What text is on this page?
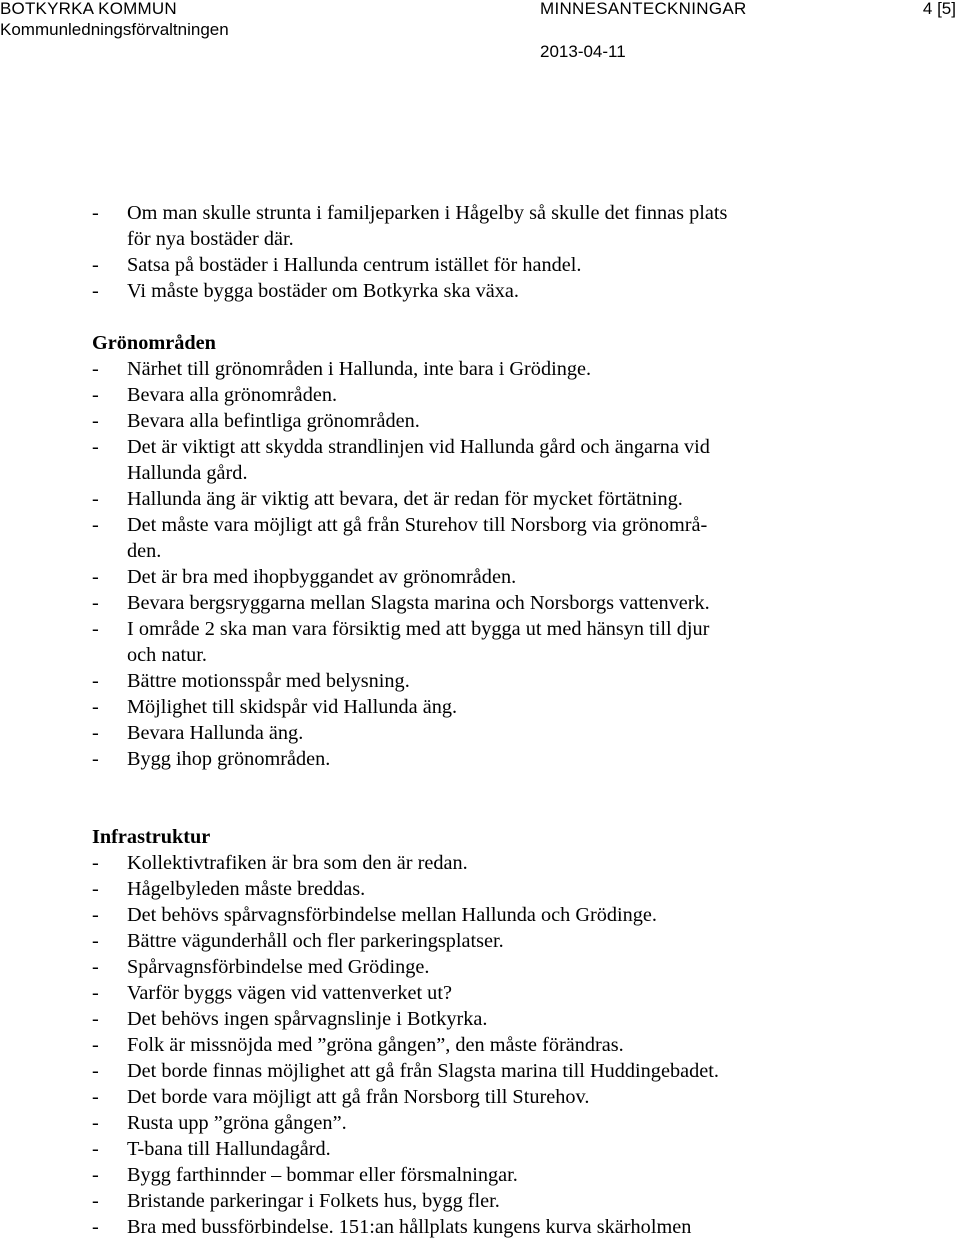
BOTKYRKA KOMMUN
Kommunledningsförvaltningen
MINNESANTECKNINGAR	4 [5]
2013-04-11
- Om man skulle strunta i familjeparken i Hågelby så skulle det finnas plats
för nya bostäder där.
- Satsa på bostäder i Hallunda centrum istället för handel.
- Vi måste bygga bostäder om Botkyrka ska växa.
Grönområden
- Närhet till grönområden i Hallunda, inte bara i Grödinge.
- Bevara alla grönområden.
- Bevara alla befintliga grönområden.
- Det är viktigt att skydda strandlinjen vid Hallunda gård och ängarna vid
Hallunda gård.
- Hallunda äng är viktig att bevara, det är redan för mycket förtätning.
- Det måste vara möjligt att gå från Sturehov till Norsborg via grönområ-
den.
- Det är bra med ihopbyggandet av grönområden.
- Bevara bergsryggarna mellan Slagsta marina och Norsborgs vattenverk.
- I område 2 ska man vara försiktig med att bygga ut med hänsyn till djur
och natur.
- Bättre motionsspår med belysning.
- Möjlighet till skidspår vid Hallunda äng.
- Bevara Hallunda äng.
- Bygg ihop grönområden.
Infrastruktur
- Kollektivtrafiken är bra som den är redan.
- Hågelbyleden måste breddas.
- Det behövs spårvagnsförbindelse mellan Hallunda och Grödinge.
- Bättre vägunderhåll och fler parkeringsplatser.
- Spårvagnsförbindelse med Grödinge.
- Varför byggs vägen vid vattenverket ut?
- Det behövs ingen spårvagnslinje i Botkyrka.
- Folk är missnöjda med ”gröna gången”, den måste förändras.
- Det borde finnas möjlighet att gå från Slagsta marina till Huddingebadet.
- Det borde vara möjligt att gå från Norsborg till Sturehov.
- Rusta upp ”gröna gången”.
- T-bana till Hallundagård.
- Bygg farthinnder – bommar eller försmalningar.
- Bristande parkeringar i Folkets hus, bygg fler.
- Bra med bussförbindelse. 151:an hållplats kungens kurva skärholmen
